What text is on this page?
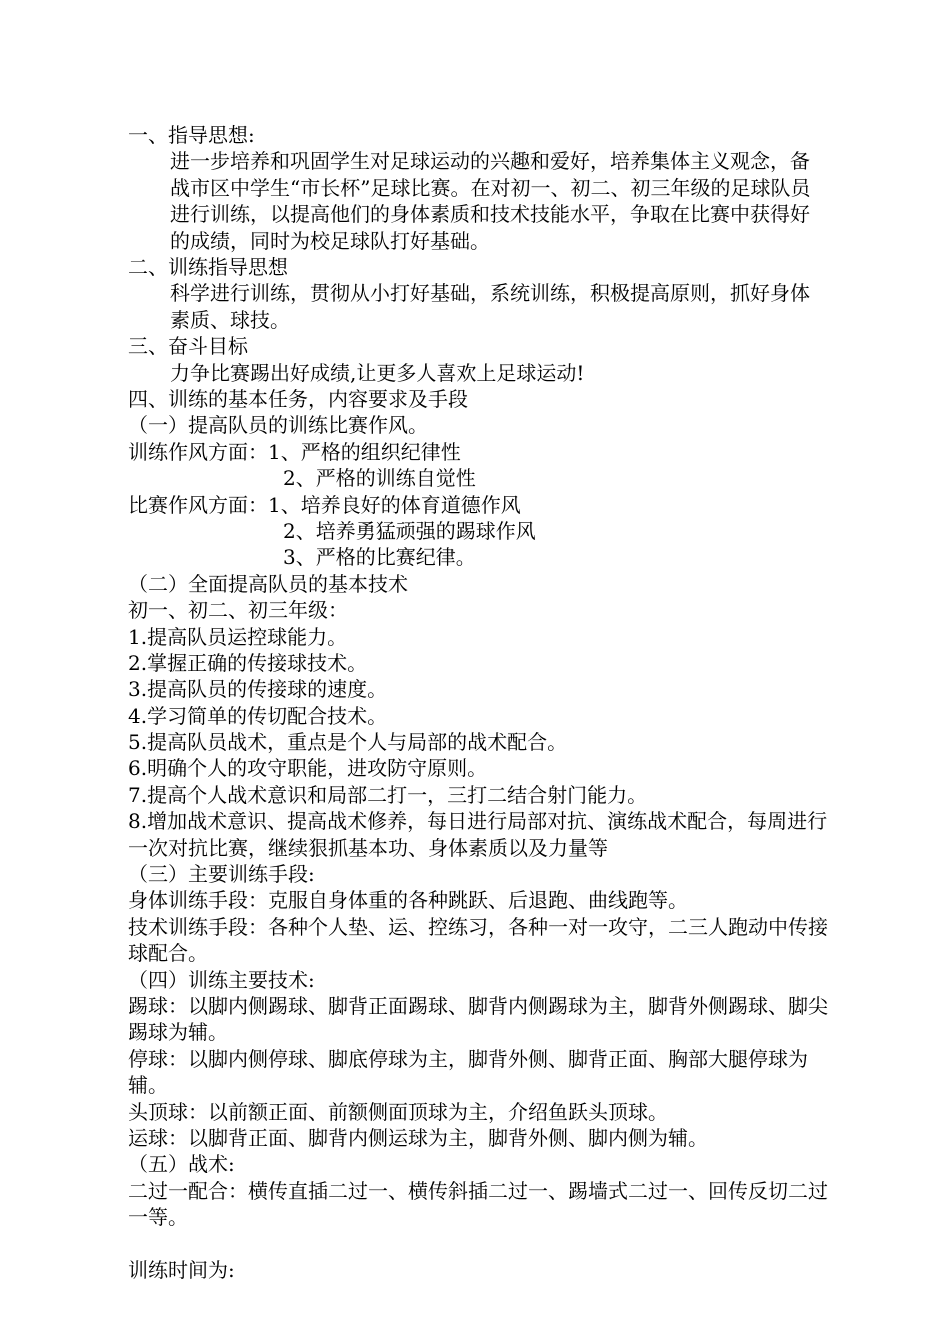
一、指导思想:
进一步培养和巩固学生对足球运动的兴趣和爱好，培养集体主义观念，备战市区中学生“市长杯”足球比赛。在对初一、初二、初三年级的足球队员进行训练，以提高他们的身体素质和技术技能水平，争取在比赛中获得好的成绩，同时为校足球队打好基础。
二、训练指导思想
科学进行训练，贯彻从小打好基础，系统训练，积极提高原则，抓好身体素质、球技。
三、奋斗目标
力争比赛踢出好成绩,让更多人喜欢上足球运动!
四、训练的基本任务，内容要求及手段
（一）提高队员的训练比赛作风。
训练作风方面：1、严格的组织纪律性
2、严格的训练自觉性
比赛作风方面：1、培养良好的体育道德作风
2、培养勇猛顽强的踢球作风
3、严格的比赛纪律。
（二）全面提高队员的基本技术
初一、初二、初三年级：
1.提高队员运控球能力。
2.掌握正确的传接球技术。
3.提高队员的传接球的速度。
4.学习简单的传切配合技术。
5.提高队员战术，重点是个人与局部的战术配合。
6.明确个人的攻守职能，进攻防守原则。
7.提高个人战术意识和局部二打一，三打二结合射门能力。
8.增加战术意识、提高战术修养，每日进行局部对抗、演练战术配合，每周进行一次对抗比赛，继续狠抓基本功、身体素质以及力量等
（三）主要训练手段:
身体训练手段：克服自身体重的各种跳跃、后退跑、曲线跑等。
技术训练手段：各种个人垫、运、控练习，各种一对一攻守，二三人跑动中传接球配合。
（四）训练主要技术:
踢球：以脚内侧踢球、脚背正面踢球、脚背内侧踢球为主，脚背外侧踢球、脚尖踢球为辅。
停球：以脚内侧停球、脚底停球为主，脚背外侧、脚背正面、胸部大腿停球为辅。
头顶球：以前额正面、前额侧面顶球为主，介绍鱼跃头顶球。
运球：以脚背正面、脚背内侧运球为主，脚背外侧、脚内侧为辅。
（五）战术:
二过一配合：横传直插二过一、横传斜插二过一、踢墙式二过一、回传反切二过一等。
训练时间为:
